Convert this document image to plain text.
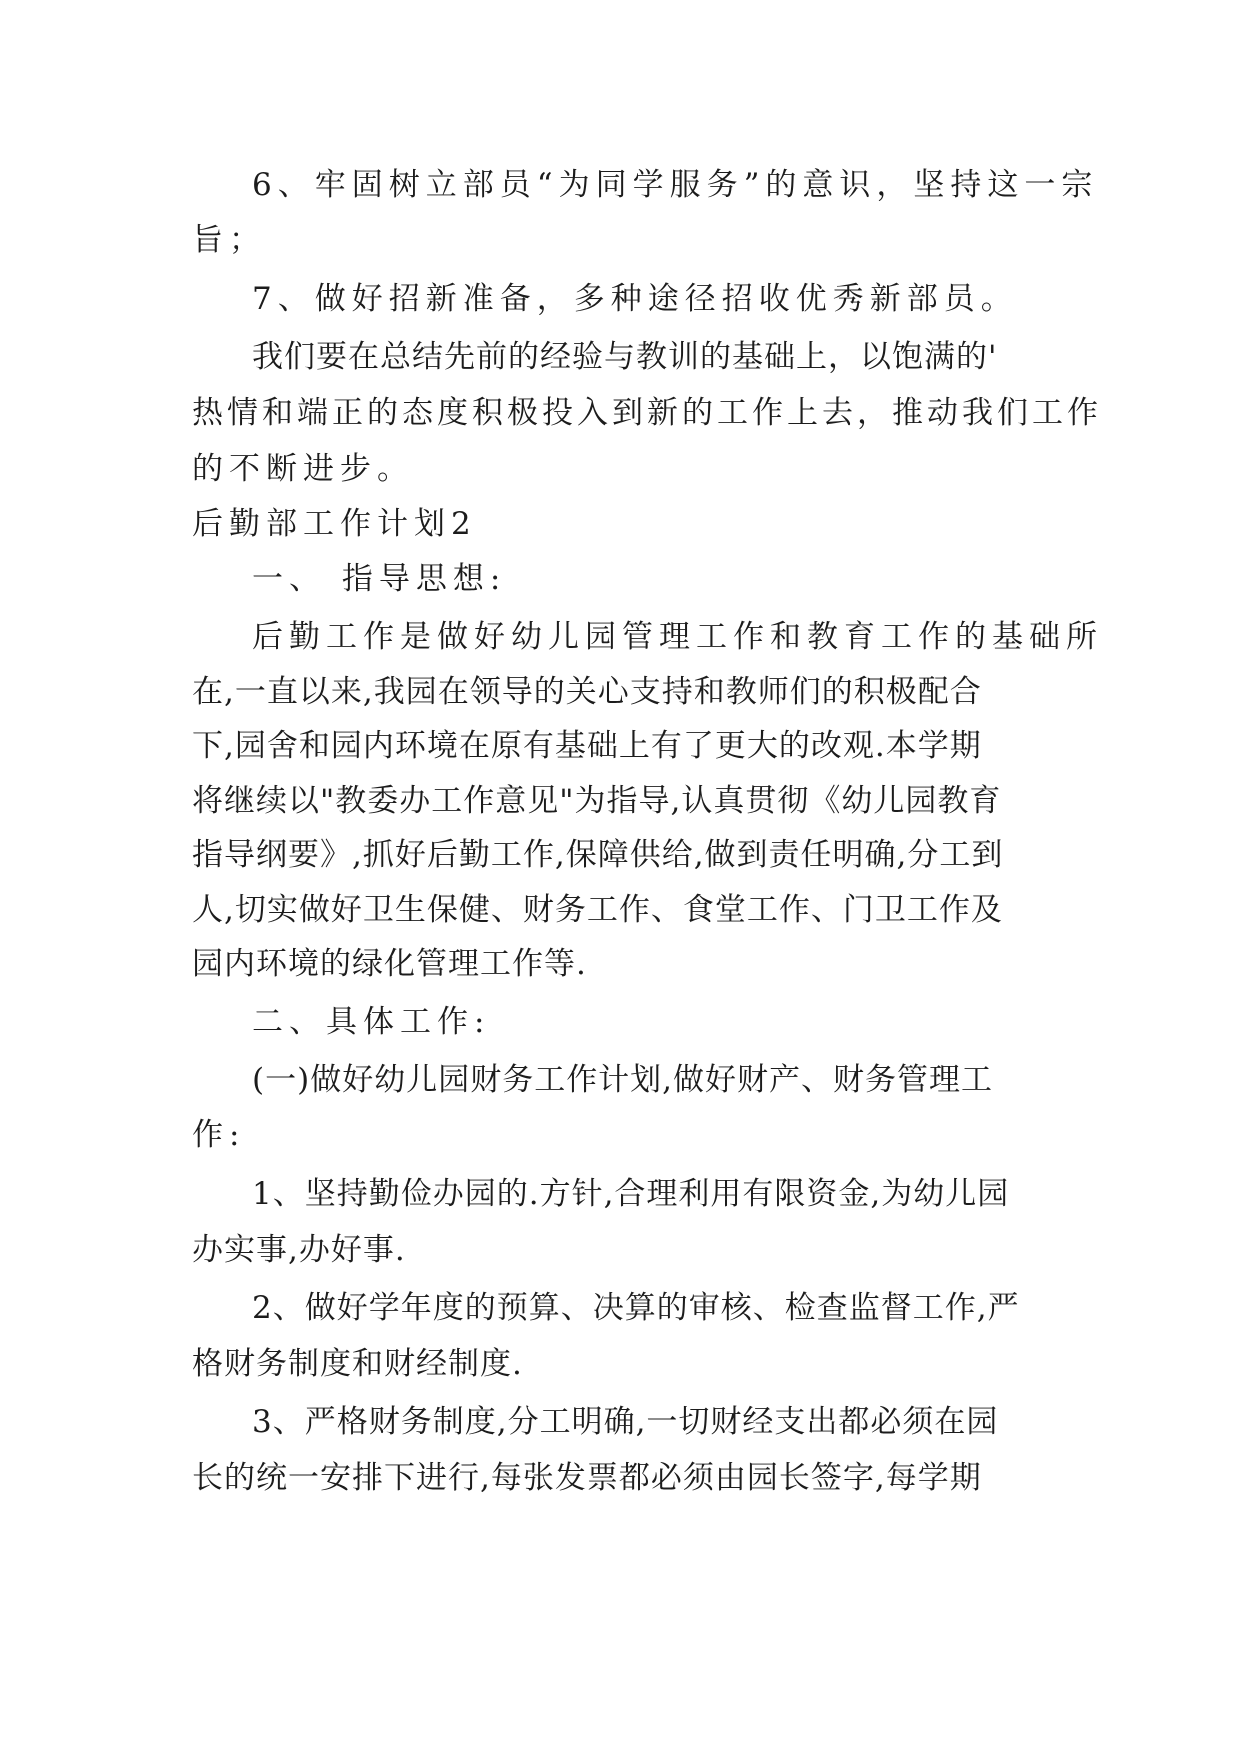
6、牢固树立部员“为同学服务”的意识，坚持这一宗

旨；

7、做好招新准备，多种途径招收优秀新部员。

我们要在总结先前的经验与教训的基础上，以饱满的'

热情和端正的态度积极投入到新的工作上去，推动我们工作

的不断进步。

后勤部工作计划2

一、 指导思想:

后勤工作是做好幼儿园管理工作和教育工作的基础所

在,一直以来,我园在领导的关心支持和教师们的积极配合

下,园舍和园内环境在原有基础上有了更大的改观.本学期

将继续以"教委办工作意见"为指导,认真贯彻《幼儿园教育

指导纲要》,抓好后勤工作,保障供给,做到责任明确,分工到

人,切实做好卫生保健、财务工作、食堂工作、门卫工作及

园内环境的绿化管理工作等.

二、具体工作:

(一)做好幼儿园财务工作计划,做好财产、财务管理工

作:

1、坚持勤俭办园的.方针,合理利用有限资金,为幼儿园

办实事,办好事.

2、做好学年度的预算、决算的审核、检查监督工作,严

格财务制度和财经制度.

3、严格财务制度,分工明确,一切财经支出都必须在园

长的统一安排下进行,每张发票都必须由园长签字,每学期
